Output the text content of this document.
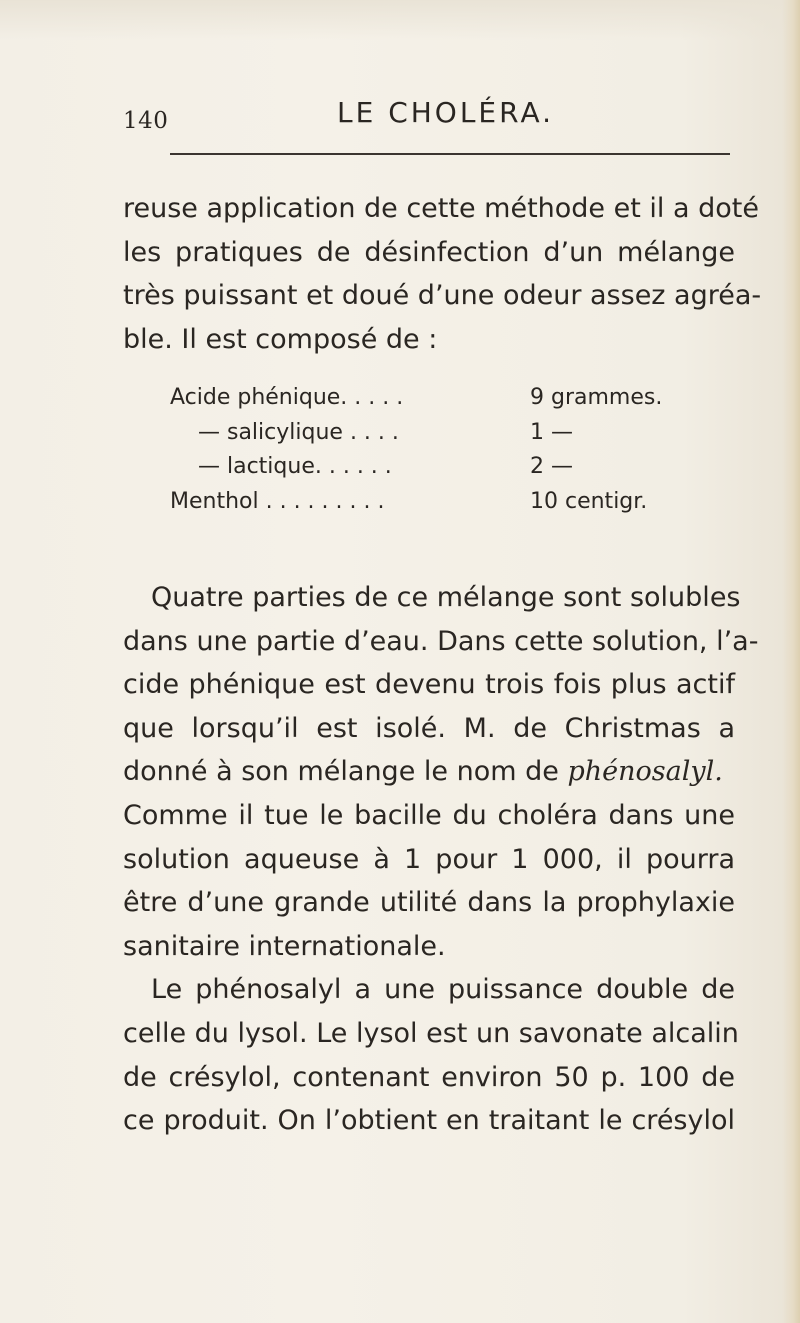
140	LE CHOLÉRA.
reuse application de cette méthode et il a doté
les pratiques de désinfection d’un mélange
très puissant et doué d’une odeur assez agréa-
ble. Il est composé de :
Acide phénique. . . . .	9 grammes.
— salicylique . . . .	1 —
— lactique. . . . . .	2 —
Menthol . . . . . . . . .	10 centigr.
Quatre parties de ce mélange sont solubles
dans une partie d’eau. Dans cette solution, l’a-
cide phénique est devenu trois fois plus actif
que lorsqu’il est isolé. M. de Christmas a
donné à son mélange le nom de phénosalyl.
Comme il tue le bacille du choléra dans une
solution aqueuse à 1 pour 1 000, il pourra
être d’une grande utilité dans la prophylaxie
sanitaire internationale.
Le phénosalyl a une puissance double de
celle du lysol. Le lysol est un savonate alcalin
de crésylol, contenant environ 50 p. 100 de
ce produit. On l’obtient en traitant le crésylol
